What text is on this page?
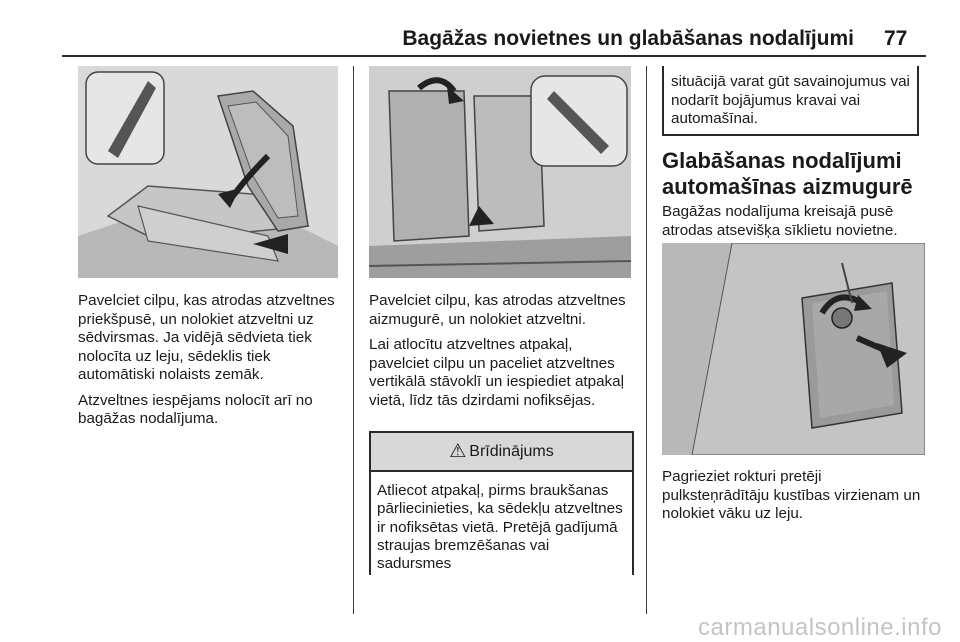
Bagāžas novietnes un glabāšanas nodalījumi 77

Pavelciet cilpu, kas atrodas atzveltnes priekšpusē, un nolokiet atzveltni uz sēdvirsmas. Ja vidējā sēdvieta tiek nolocīta uz leju, sēdeklis tiek automātiski nolaists zemāk.

Atzveltnes iespējams nolocīt arī no bagāžas nodalījuma.

Pavelciet cilpu, kas atrodas atzveltnes aizmugurē, un nolokiet atzveltni.

Lai atlocītu atzveltnes atpakaļ, pavelciet cilpu un paceliet atzveltnes vertikālā stāvoklī un iespiediet atpakaļ vietā, līdz tās dzirdami nofiksējas.

⚠ Brīdinājums
Atliecot atpakaļ, pirms braukšanas pārliecinieties, ka sēdekļu atzveltnes ir nofiksētas vietā. Pretējā gadījumā straujas bremzēšanas vai sadursmes
situācijā varat gūt savainojumus vai nodarīt bojājumus kravai vai automašīnai.
Glabāšanas nodalījumi automašīnas aizmugurē

Bagāžas nodalījuma kreisajā pusē atrodas atsevišķa sīklietu novietne.

Pagrieziet rokturi pretēji pulksteņrādītāju kustības virzienam un nolokiet vāku uz leju.

carmanualsonline.info
